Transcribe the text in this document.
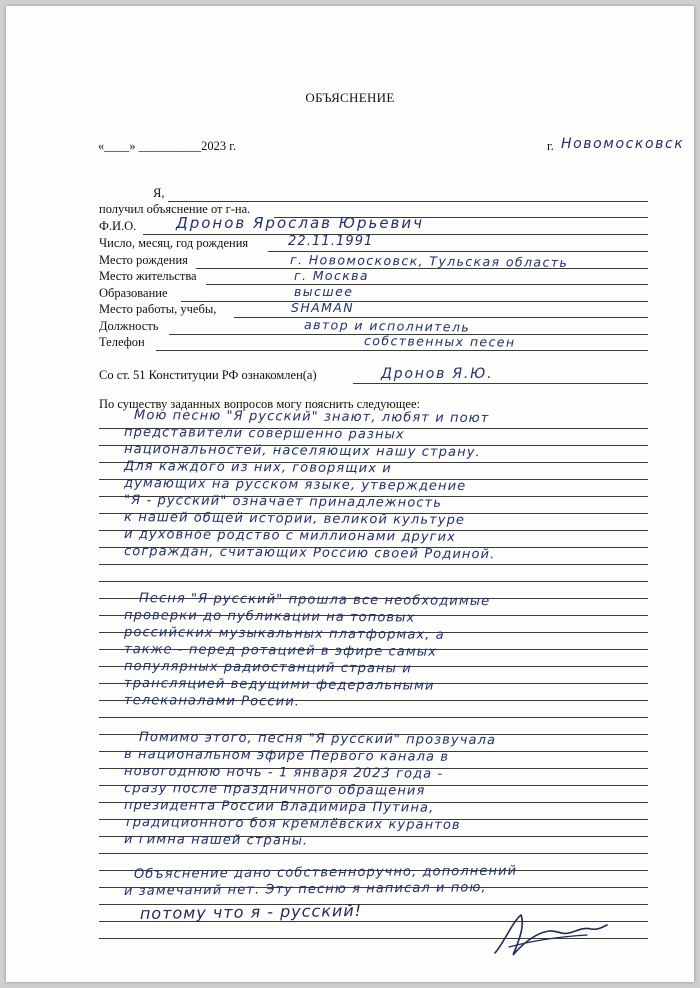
ОБЪЯСНЕНИЕ
«____» __________2023 г.	г. Новомосковск
Я,
получил объяснение от г-на.
Ф.И.О.	Дронов Ярослав Юрьевич
Число, месяц, год рождения	22.11.1991
Место рождения	г. Новомосковск, Тульская область
Место жительства	г. Москва
Образование	высшее
Место работы, учебы,	SHAMAN
Должность	автор и исполнитель
Телефон	собственных песен
Со ст. 51 Конституции РФ ознакомлен(а)	Дронов Я.Ю.
По существу заданных вопросов могу пояснить следующее:
Мою песню "Я русский" знают, любят и поют
представители совершенно разных
национальностей, населяющих нашу страну.
Для каждого из них, говорящих и
думающих на русском языке, утверждение
"Я - русский" означает принадлежность
к нашей общей истории, великой культуре
и духовное родство с миллионами других
сограждан, считающих Россию своей Родиной.
Песня "Я русский" прошла все необходимые
проверки до публикации на топовых
российских музыкальных платформах, а
также - перед ротацией в эфире самых
популярных радиостанций страны и
трансляцией ведущими федеральными
телеканалами России.
Помимо этого, песня "Я русский" прозвучала
в национальном эфире Первого канала в
новогоднюю ночь - 1 января 2023 года -
сразу после праздничного обращения
президента России Владимира Путина,
традиционного боя кремлёвских курантов
и гимна нашей страны.
Объяснение дано собственноручно, дополнений
и замечаний нет. Эту песню я написал и пою,
потому что я - русский!
